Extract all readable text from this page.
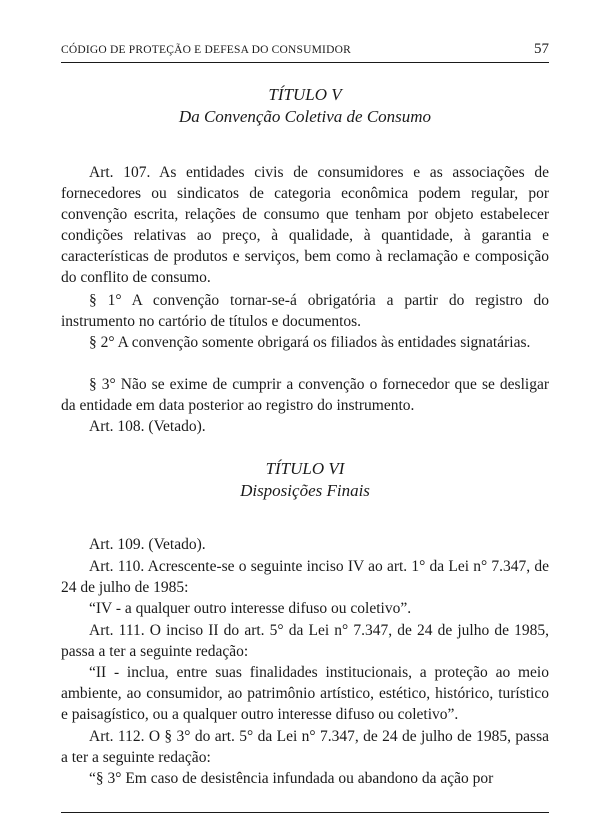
CÓDIGO DE PROTEÇÃO E DEFESA DO CONSUMIDOR	57
TÍTULO V
Da Convenção Coletiva de Consumo

Art. 107. As entidades civis de consumidores e as associações de fornecedores ou sindicatos de categoria econômica podem regular, por convenção escrita, relações de consumo que tenham por objeto estabelecer condições relativas ao preço, à qualidade, à quantidade, à garantia e características de produtos e serviços, bem como à reclamação e composição do conflito de consumo.

§ 1° A convenção tornar-se-á obrigatória a partir do registro do instrumento no cartório de títulos e documentos.

§ 2° A convenção somente obrigará os filiados às entidades signatárias.

§ 3° Não se exime de cumprir a convenção o fornecedor que se desligar da entidade em data posterior ao registro do instrumento.

Art. 108. (Vetado).

TÍTULO VI
Disposições Finais

Art. 109. (Vetado).

Art. 110. Acrescente-se o seguinte inciso IV ao art. 1° da Lei n° 7.347, de 24 de julho de 1985:

“IV - a qualquer outro interesse difuso ou coletivo”.

Art. 111. O inciso II do art. 5° da Lei n° 7.347, de 24 de julho de 1985, passa a ter a seguinte redação:

“II - inclua, entre suas finalidades institucionais, a proteção ao meio ambiente, ao consumidor, ao patrimônio artístico, estético, histórico, turístico e paisagístico, ou a qualquer outro interesse difuso ou coletivo”.

Art. 112. O § 3° do art. 5° da Lei n° 7.347, de 24 de julho de 1985, passa a ter a seguinte redação:

“§ 3° Em caso de desistência infundada ou abandono da ação por
